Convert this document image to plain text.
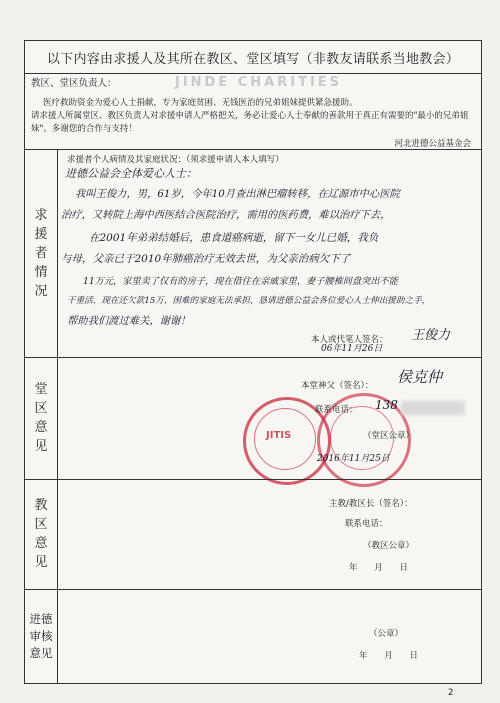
以下内容由求援人及其所在教区、堂区填写（非教友请联系当地教会）
教区、堂区负责人：	JINDE CHARITIES
医疗救助资金为爱心人士捐献，专为家庭贫困、无钱医治的兄弟姐妹提供紧急援助。
请求援人所属堂区、教区负责人对求援申请人严格把关，务必让爱心人士奉献的善款用于真正有需要的"最小的兄弟姐妹"。多谢您的合作与支持！
河北进德公益基金会
求
援
者
情
况
求援者个人病情及其家庭状况：（须求援申请人本人填写）
进德公益会全体爱心人士：
我叫王俊力，男，61岁，今年10月查出淋巴瘤转移，在辽源市中心医院
治疗，又转院上海中西医结合医院治疗，需用的医药费，难以治疗下去，
在2001年弟弟结婚后，患食道癌病逝，留下一女儿已婚，我负
与母，父亲已于2010年肺癌治疗无效去世，为父亲治病欠下了
11万元，家里卖了仅有的房子，现在借住在亲戚家里，妻子腰椎间盘突出不能
干重活，现在还欠款15万，困难的家庭无法承担，恳请进德公益会各位爱心人士伸出援助之手，
帮助我们渡过难关，谢谢！
本人或代笔人签名： 王俊力
06年11月26日
堂
区
意
见
JITIS
本堂神父（签名）： 侯克仲
联系电话： 138
（堂区公章）
2016年11月25日
教
区
意
见
主教/教区长（签名）：
联系电话：
（教区公章）
年 月 日
进 德
审 核
意 见
（公章）
年 月 日
2
